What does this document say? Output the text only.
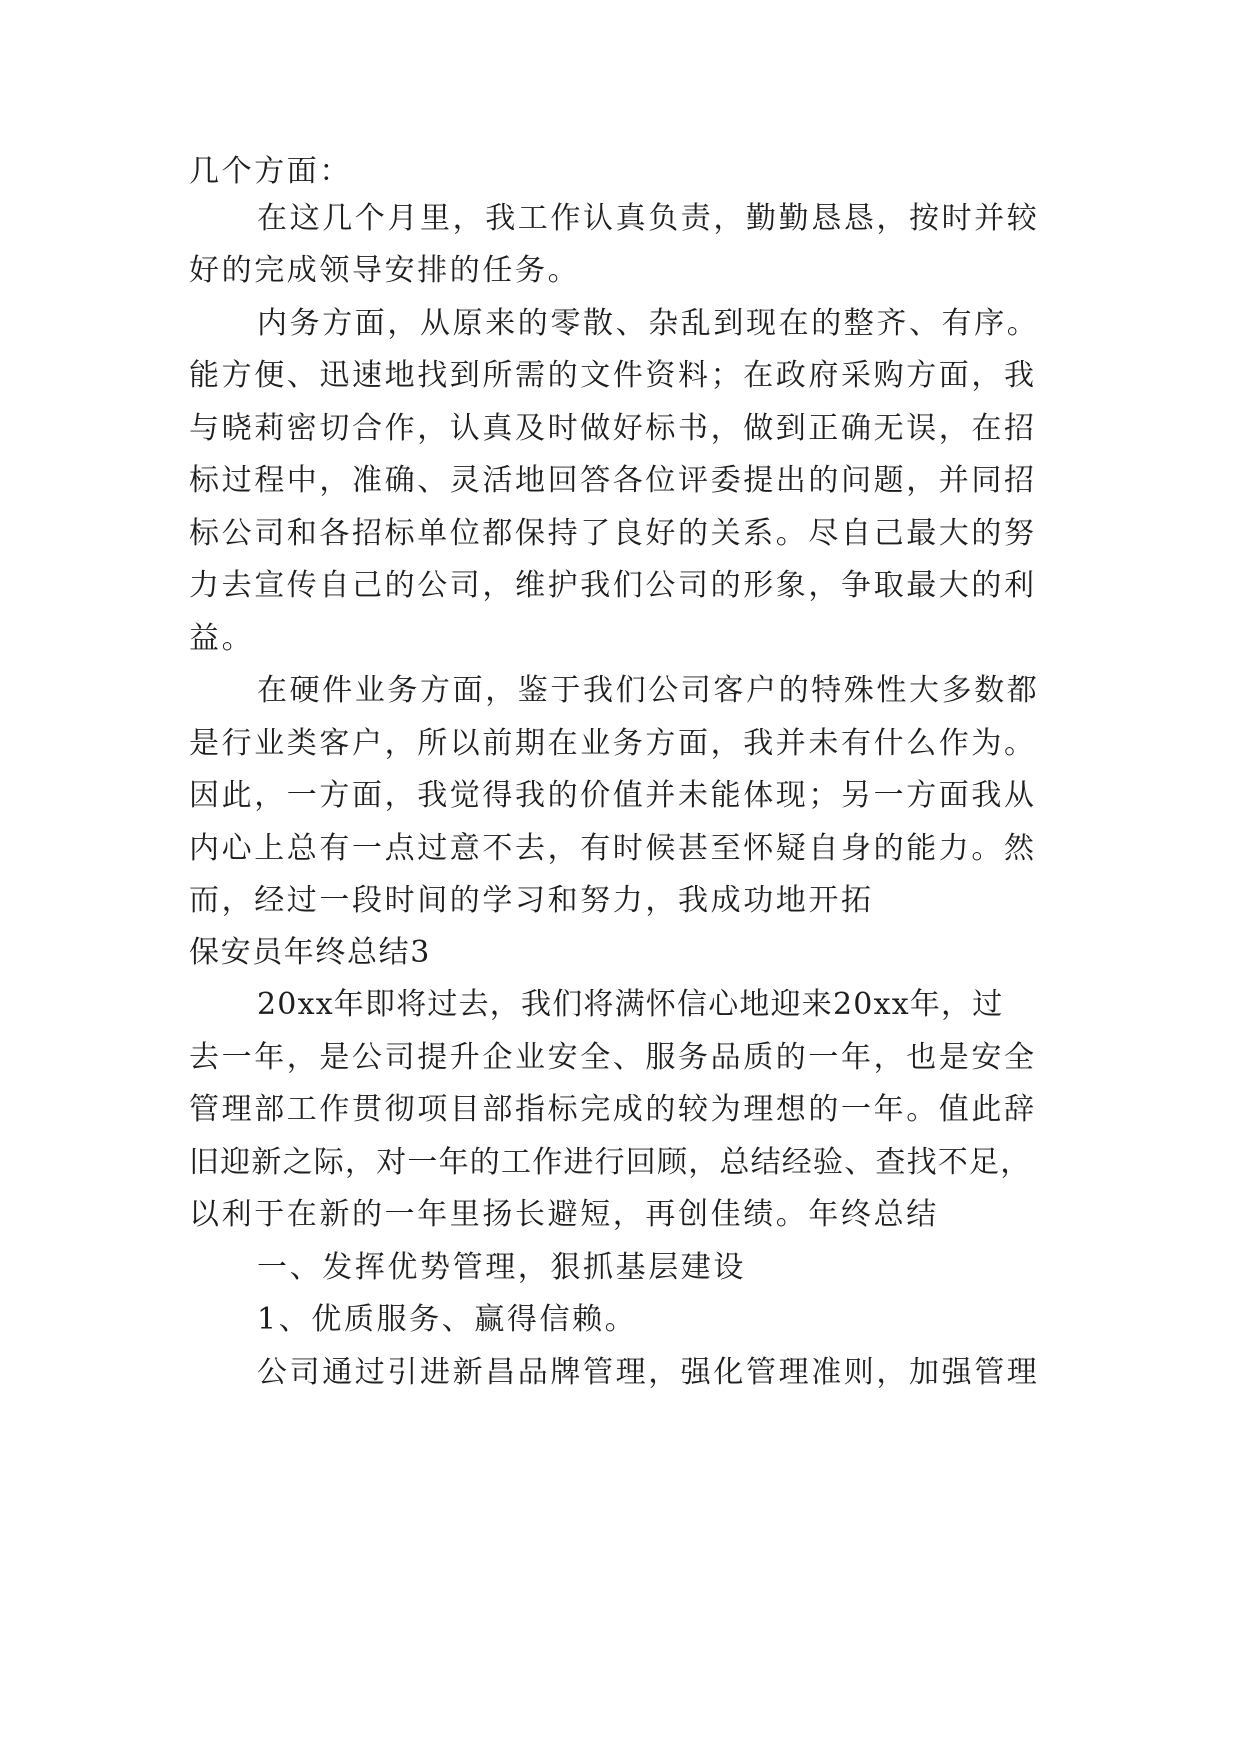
几个方面：
在这几个月里，我工作认真负责，勤勤恳恳，按时并较
好的完成领导安排的任务。
内务方面，从原来的零散、杂乱到现在的整齐、有序。
能方便、迅速地找到所需的文件资料；在政府采购方面，我
与晓莉密切合作，认真及时做好标书，做到正确无误，在招
标过程中，准确、灵活地回答各位评委提出的问题，并同招
标公司和各招标单位都保持了良好的关系。尽自己最大的努
力去宣传自己的公司，维护我们公司的形象，争取最大的利
益。
在硬件业务方面，鉴于我们公司客户的特殊性大多数都
是行业类客户，所以前期在业务方面，我并未有什么作为。
因此，一方面，我觉得我的价值并未能体现；另一方面我从
内心上总有一点过意不去，有时候甚至怀疑自身的能力。然
而，经过一段时间的学习和努力，我成功地开拓
保安员年终总结3
20xx年即将过去，我们将满怀信心地迎来20xx年，过
去一年，是公司提升企业安全、服务品质的一年，也是安全
管理部工作贯彻项目部指标完成的较为理想的一年。值此辞
旧迎新之际，对一年的工作进行回顾，总结经验、查找不足，
以利于在新的一年里扬长避短，再创佳绩。年终总结
一、发挥优势管理，狠抓基层建设
1、优质服务、赢得信赖。
公司通过引进新昌品牌管理，强化管理准则，加强管理
